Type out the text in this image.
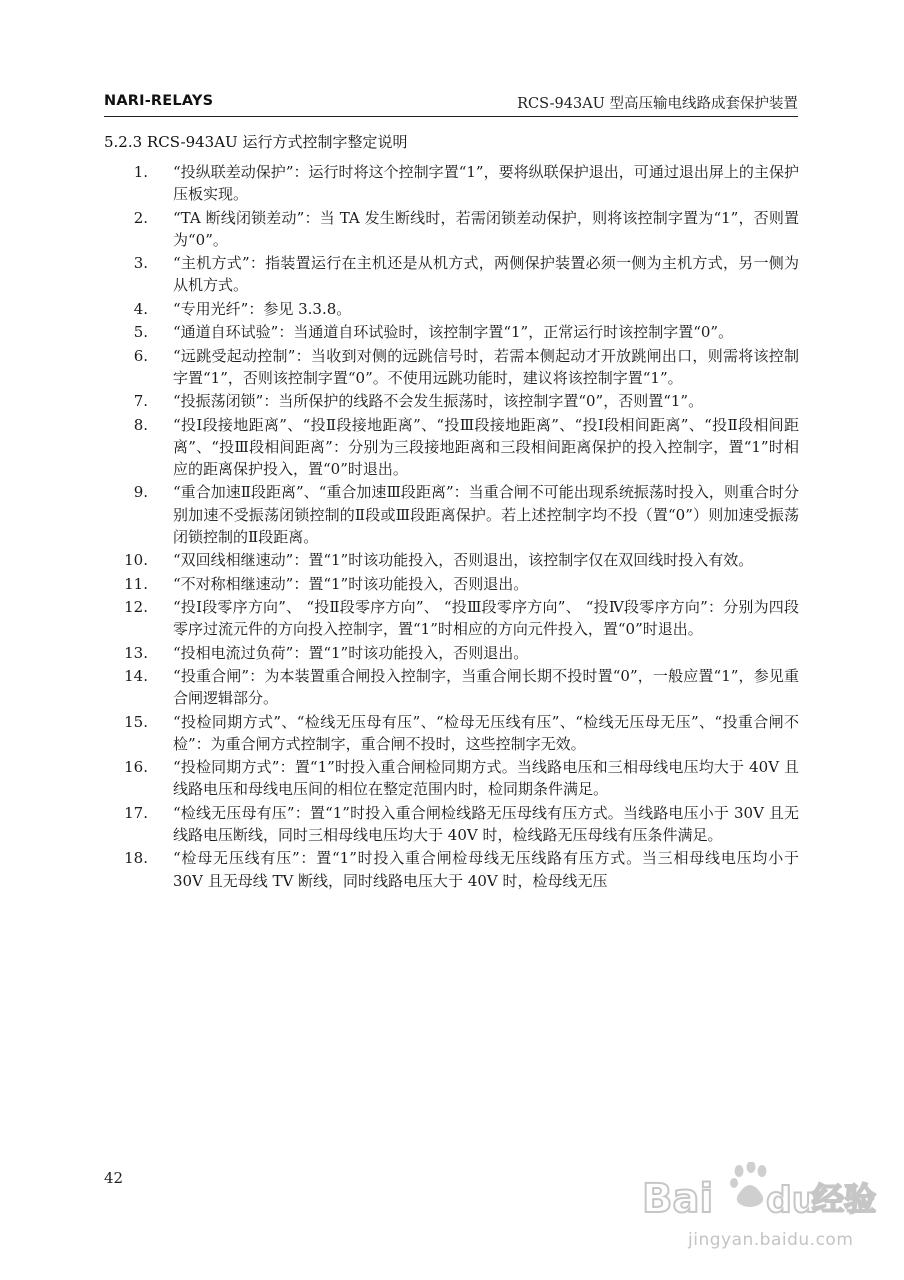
NARI-RELAYS	RCS-943AU 型高压输电线路成套保护装置
5.2.3 RCS-943AU 运行方式控制字整定说明
1.	“投纵联差动保护”：运行时将这个控制字置“1”，要将纵联保护退出，可通过退出屏上的主保护压板实现。
2.	“TA 断线闭锁差动”：当 TA 发生断线时，若需闭锁差动保护，则将该控制字置为“1”，否则置为“0”。
3.	“主机方式”：指装置运行在主机还是从机方式，两侧保护装置必须一侧为主机方式，另一侧为从机方式。
4.	“专用光纤”：参见 3.3.8。
5.	“通道自环试验”：当通道自环试验时，该控制字置“1”，正常运行时该控制字置“0”。
6.	“远跳受起动控制”：当收到对侧的远跳信号时，若需本侧起动才开放跳闸出口，则需将该控制字置“1”，否则该控制字置“0”。不使用远跳功能时，建议将该控制字置“1”。
7.	“投振荡闭锁”：当所保护的线路不会发生振荡时，该控制字置“0”，否则置“1”。
8.	“投Ⅰ段接地距离”、“投Ⅱ段接地距离”、“投Ⅲ段接地距离”、“投Ⅰ段相间距离”、“投Ⅱ段相间距离”、“投Ⅲ段相间距离”：分别为三段接地距离和三段相间距离保护的投入控制字，置“1”时相应的距离保护投入，置“0”时退出。
9.	“重合加速Ⅱ段距离”、“重合加速Ⅲ段距离”：当重合闸不可能出现系统振荡时投入，则重合时分别加速不受振荡闭锁控制的Ⅱ段或Ⅲ段距离保护。若上述控制字均不投（置“0”）则加速受振荡闭锁控制的Ⅱ段距离。
10.	“双回线相继速动”：置“1”时该功能投入，否则退出，该控制字仅在双回线时投入有效。
11.	“不对称相继速动”：置“1”时该功能投入，否则退出。
12.	“投Ⅰ段零序方向”、 “投Ⅱ段零序方向”、 “投Ⅲ段零序方向”、 “投Ⅳ段零序方向”：分别为四段零序过流元件的方向投入控制字，置“1”时相应的方向元件投入，置“0”时退出。
13.	“投相电流过负荷”：置“1”时该功能投入，否则退出。
14.	“投重合闸”：为本装置重合闸投入控制字，当重合闸长期不投时置“0”，一般应置“1”，参见重合闸逻辑部分。
15.	“投检同期方式”、“检线无压母有压”、“检母无压线有压”、“检线无压母无压”、“投重合闸不检”：为重合闸方式控制字，重合闸不投时，这些控制字无效。
16.	“投检同期方式”：置“1”时投入重合闸检同期方式。当线路电压和三相母线电压均大于 40V 且线路电压和母线电压间的相位在整定范围内时，检同期条件满足。
17.	“检线无压母有压”：置“1”时投入重合闸检线路无压母线有压方式。当线路电压小于 30V 且无线路电压断线，同时三相母线电压均大于 40V 时，检线路无压母线有压条件满足。
18.	“检母无压线有压”：置“1”时投入重合闸检母线无压线路有压方式。当三相母线电压均小于 30V 且无母线 TV 断线，同时线路电压大于 40V 时，检母线无压
42	Bai du
经验
jingyan.baidu.com
